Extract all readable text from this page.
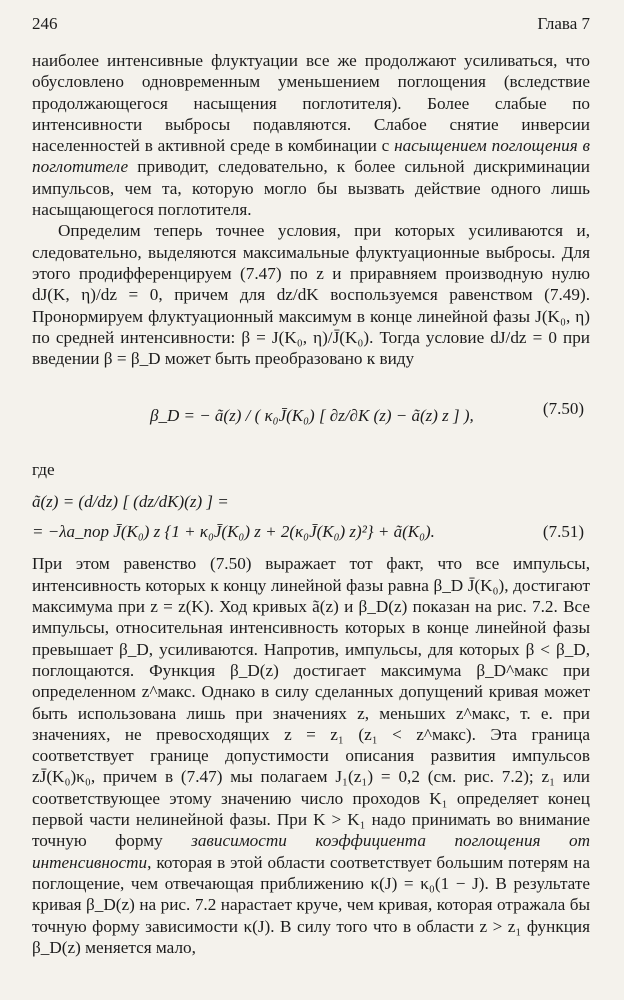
246	Глава 7

наиболее интенсивные флуктуации все же продолжают усиливаться, что обусловлено одновременным уменьшением поглощения (вследствие продолжающегося насыщения поглотителя). Более слабые по интенсивности выбросы подавляются. Слабое снятие инверсии населенностей в активной среде в комбинации с насыщением поглощения в поглотителе приводит, следовательно, к более сильной дискриминации импульсов, чем та, которую могло бы вызвать действие одного лишь насыщающегося поглотителя.

Определим теперь точнее условия, при которых усиливаются и, следовательно, выделяются максимальные флуктуационные выбросы. Для этого продифференцируем (7.47) по z и приравняем производную нулю dJ(K, η)/dz = 0, причем для dz/dK воспользуемся равенством (7.49). Пронормируем флуктуационный максимум в конце линейной фазы J(K₀, η) по средней интенсивности: β = J(K₀, η)/J̄(K₀). Тогда условие dJ/dz = 0 при введении β = β_D может быть преобразовано к виду

β_D = − ã(z) / ( κ₀J̄(K₀) [ ∂z/∂K (z) − ã(z) z ] ),	(7.50)

где

ã(z) = (d/dz) [ (dz/dK)(z) ] =
= −λa_пор J̄(K₀) z {1 + κ₀J̄(K₀) z + 2(κ₀J̄(K₀) z)²} + ã(K₀).	(7.51)

При этом равенство (7.50) выражает тот факт, что все импульсы, интенсивность которых к концу линейной фазы равна β_D J̄(K₀), достигают максимума при z = z(K). Ход кривых ã(z) и β_D(z) показан на рис. 7.2. Все импульсы, относительная интенсивность которых в конце линейной фазы превышает β_D, усиливаются. Напротив, импульсы, для которых β < β_D, поглощаются. Функция β_D(z) достигает максимума β_D^макс при определенном z^макс. Однако в силу сделанных допущений кривая может быть использована лишь при значениях z, меньших z^макс, т. е. при значениях, не превосходящих z = z₁ (z₁ < z^макс). Эта граница соответствует границе допустимости описания развития импульсов zJ̄(K₀)κ₀, причем в (7.47) мы полагаем J₁(z₁) = 0,2 (см. рис. 7.2); z₁ или соответствующее этому значению число проходов K₁ определяет конец первой части нелинейной фазы. При K > K₁ надо принимать во внимание точную форму зависимости коэффициента поглощения от интенсивности, которая в этой области соответствует большим потерям на поглощение, чем отвечающая приближению κ(J) = κ₀(1 − J). В результате кривая β_D(z) на рис. 7.2 нарастает круче, чем кривая, которая отражала бы точную форму зависимости κ(J). В силу того что в области z > z₁ функция β_D(z) меняется мало,
